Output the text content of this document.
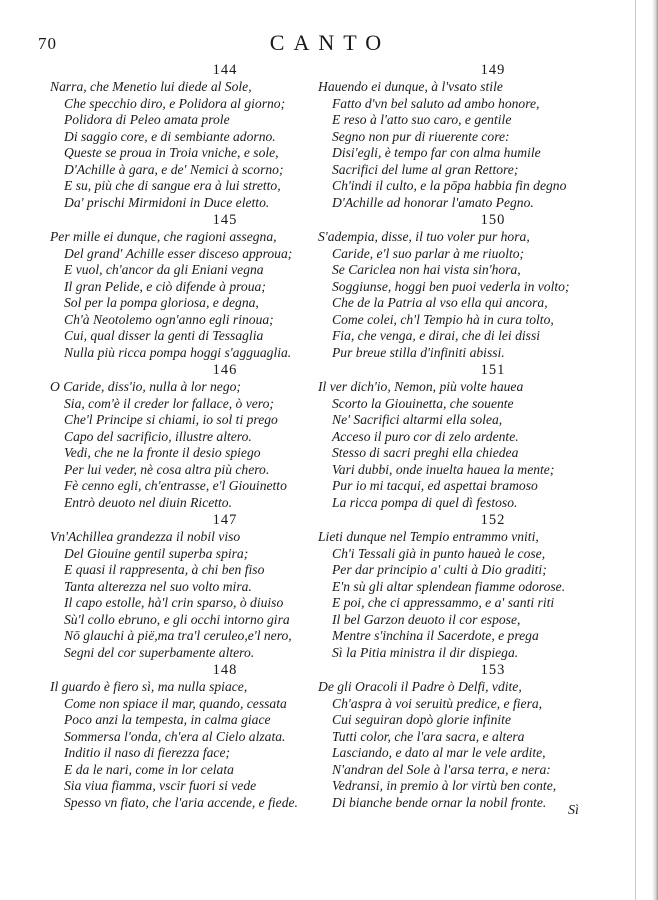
70	CANTO
144
Narra, che Menetio lui diede al Sole,
Che specchio diro, e Polidora al giorno;
Polidora di Peleo amata prole
Di saggio core, e di sembiante adorno.
Queste se proua in Troia vniche, e sole,
D'Achille à gara, e de' Nemici à scorno;
E su, più che di sangue era à lui stretto,
Da' prischi Mirmidoni in Duce eletto.
145
Per mille ei dunque, che ragioni assegna,
Del grand' Achille esser disceso approua;
E vuol, ch'ancor da gli Eniani vegna
Il gran Pelide, e ciò difende à proua;
Sol per la pompa gloriosa, e degna,
Ch'à Neotolemo ogn'anno egli rinoua;
Cui, qual disser la genti di Tessaglia
Nulla più ricca pompa hoggi s'agguaglia.
146
O Caride, diss'io, nulla à lor nego;
Sia, com'è il creder lor fallace, ò vero;
Che'l Principe si chiami, io sol ti prego
Capo del sacrificio, illustre altero.
Vedi, che ne la fronte il desio spiego
Per lui veder, nè cosa altra più chero.
Fè cenno egli, ch'entrasse, e'l Giouinetto
Entrò deuoto nel diuin Ricetto.
147
Vn'Achillea grandezza il nobil viso
Del Giouine gentil superba spira;
E quasi il rappresenta, à chi ben fiso
Tanta alterezza nel suo volto mira.
Il capo estolle, hà'l crin sparso, ò diuiso
Sù'l collo ebruno, e gli occhi intorno gira
Nō glauchi à pië,ma tra'l ceruleo,e'l nero,
Segni del cor superbamente altero.
148
Il guardo è fiero sì, ma nulla spiace,
Come non spiace il mar, quando, cessata
Poco anzi la tempesta, in calma giace
Sommersa l'onda, ch'era al Cielo alzata.
Inditio il naso di fierezza face;
E da le nari, come in lor celata
Sia viua fiamma, vscir fuori si vede
Spesso vn fiato, che l'aria accende, e fiede.
149
Hauendo ei dunque, à l'vsato stile
Fatto d'vn bel saluto ad ambo honore,
E reso à l'atto suo caro, e gentile
Segno non pur di riuerente core:
Disi'egli, è tempo far con alma humile
Sacrifici del lume al gran Rettore;
Ch'indi il culto, e la pōpa habbia fin degno
D'Achille ad honorar l'amato Pegno.
150
S'adempia, disse, il tuo voler pur hora,
Caride, e'l suo parlar à me riuolto;
Se Cariclea non hai vista sin'hora,
Soggiunse, hoggi ben puoi vederla in volto;
Che de la Patria al vso ella qui ancora,
Come colei, ch'l Tempio hà in cura tolto,
Fia, che venga, e dirai, che di lei dissi
Pur breue stilla d'infiniti abissi.
151
Il ver dich'io, Nemon, più volte hauea
Scorto la Giouinetta, che souente
Ne' Sacrifici altarmi ella solea,
Acceso il puro cor di zelo ardente.
Stesso di sacri preghi ella chiedea
Vari dubbi, onde inuelta hauea la mente;
Pur io mi tacqui, ed aspettai bramoso
La ricca pompa di quel dì festoso.
152
Lieti dunque nel Tempio entrammo vniti,
Ch'i Tessali già in punto haueà le cose,
Per dar principio a' culti à Dio graditi;
E'n sù gli altar splendean fiamme odorose.
E poi, che ci appressammo, e a' santi riti
Il bel Garzon deuoto il cor espose,
Mentre s'inchina il Sacerdote, e prega
Sì la Pitia ministra il dir dispiega.
153
De gli Oracoli il Padre ò Delfi, vdite,
Ch'aspra à voi seruitù predice, e fiera,
Cui seguiran dopò glorie infinite
Tutti color, che l'ara sacra, e altera
Lasciando, e dato al mar le vele ardite,
N'andran del Sole à l'arsa terra, e nera:
Vedransi, in premio à lor virtù ben conte,
Di bianche bende ornar la nobil fronte.
Sì
